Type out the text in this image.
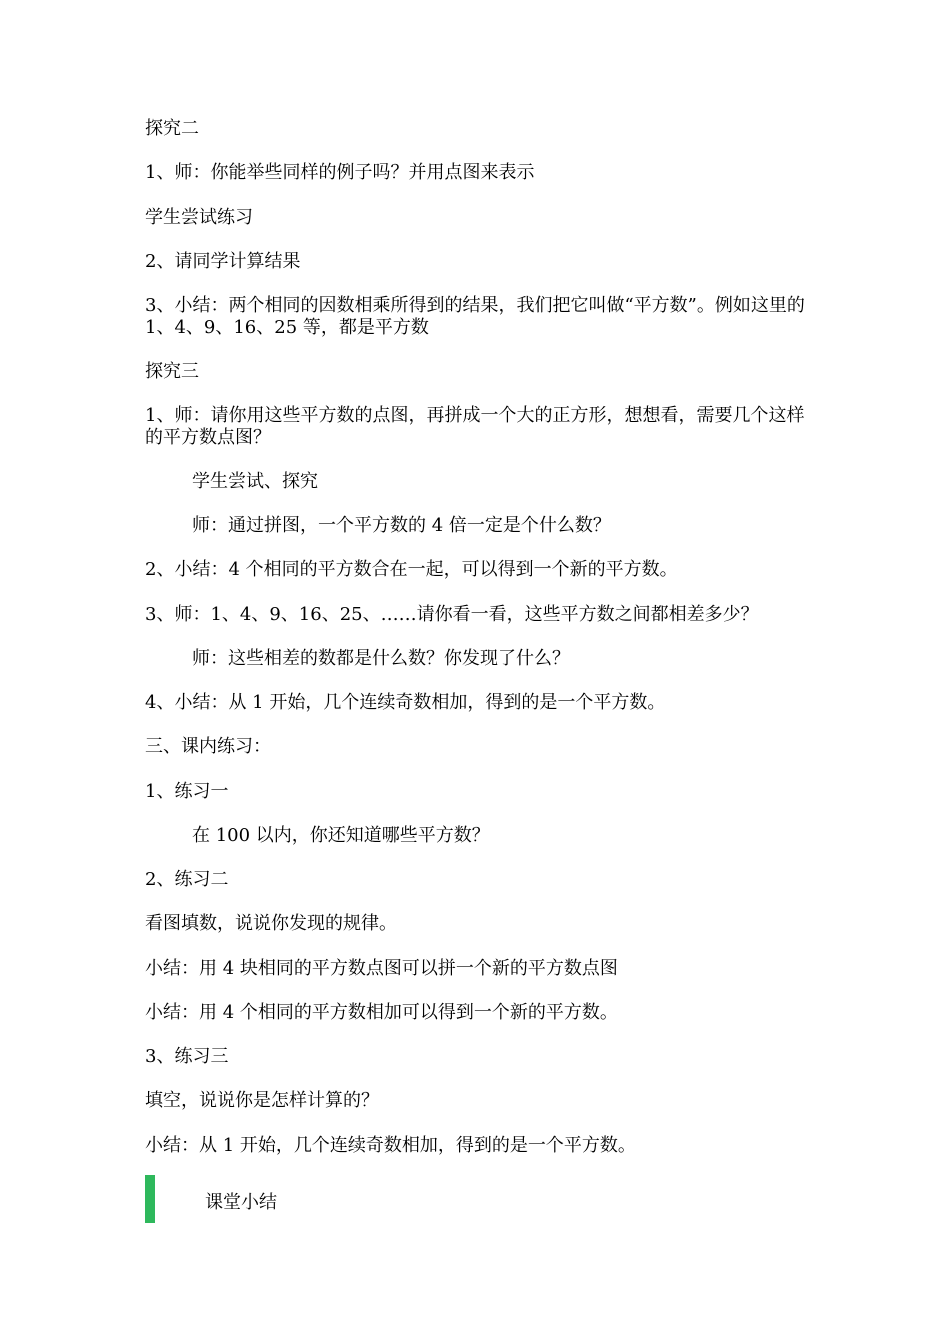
探究二
1、师：你能举些同样的例子吗？并用点图来表示
学生尝试练习
2、请同学计算结果
3、小结：两个相同的因数相乘所得到的结果，我们把它叫做“平方数”。例如这里的 1、4、9、16、25 等，都是平方数
探究三
1、师：请你用这些平方数的点图，再拼成一个大的正方形，想想看，需要几个这样的平方数点图？
学生尝试、探究
师：通过拼图，一个平方数的 4 倍一定是个什么数？
2、小结：4 个相同的平方数合在一起，可以得到一个新的平方数。
3、师：1、4、9、16、25、……请你看一看，这些平方数之间都相差多少？
师：这些相差的数都是什么数？你发现了什么？
4、小结：从 1 开始，几个连续奇数相加，得到的是一个平方数。
三、课内练习：
1、练习一
在 100 以内，你还知道哪些平方数？
2、练习二
看图填数，说说你发现的规律。
小结：用 4 块相同的平方数点图可以拼一个新的平方数点图
小结：用 4 个相同的平方数相加可以得到一个新的平方数。
3、练习三
填空，说说你是怎样计算的？
小结：从 1 开始，几个连续奇数相加，得到的是一个平方数。
课堂小结
